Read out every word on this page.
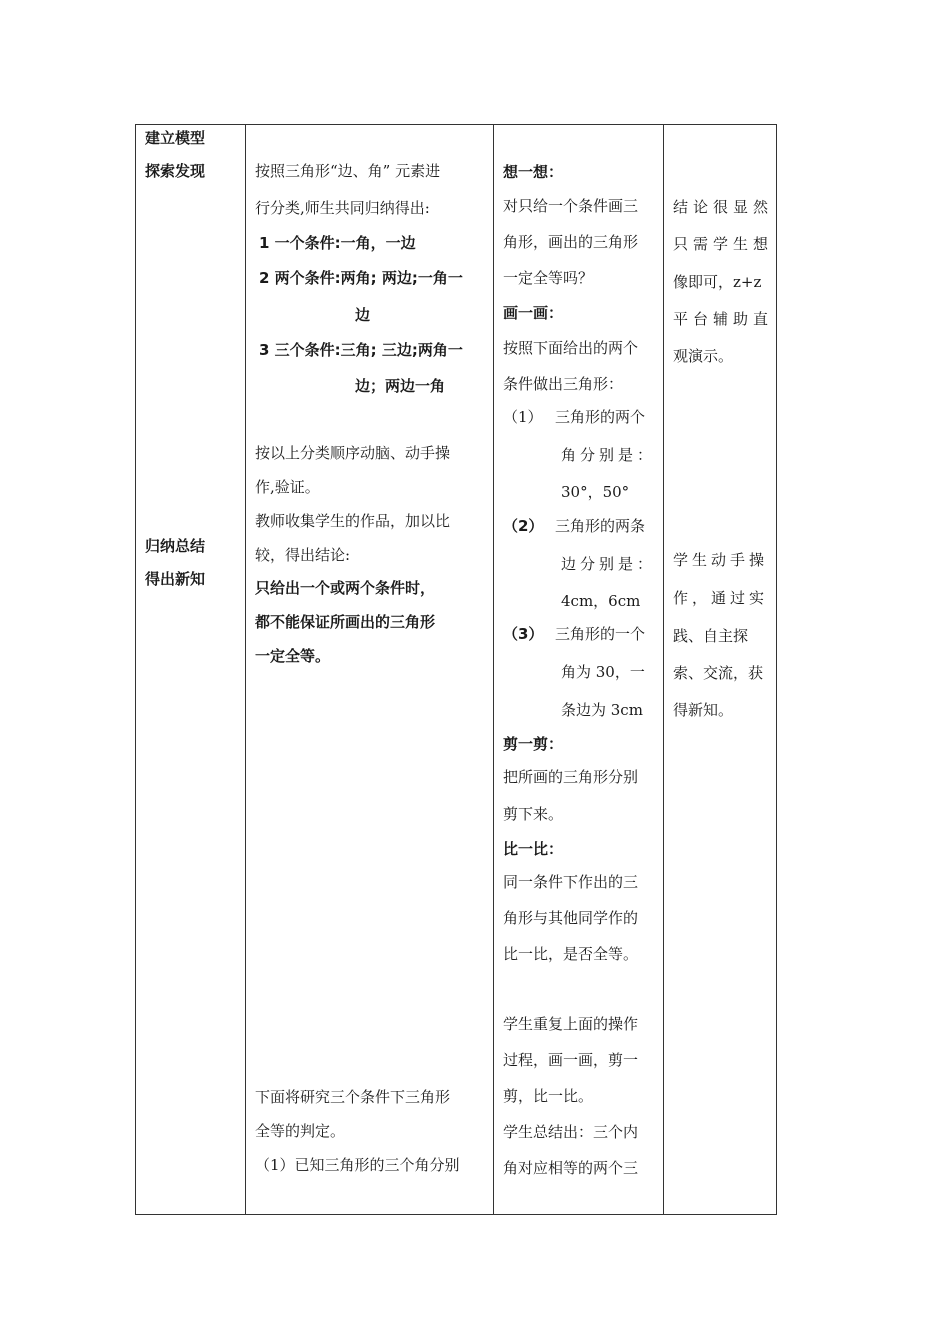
建立模型
探索发现
归纳总结
得出新知
按照三角形“边、角” 元素进
行分类,师生共同归纳得出:
1 一个条件:一角，一边
2 两个条件:两角; 两边;一角一
边
3 三个条件:三角; 三边;两角一
边；两边一角
按以上分类顺序动脑、动手操
作,验证。
教师收集学生的作品，加以比
较，得出结论:
只给出一个或两个条件时，
都不能保证所画出的三角形
一定全等。
下面将研究三个条件下三角形
全等的判定。
（1）已知三角形的三个角分别
想一想：
对只给一个条件画三
角形，画出的三角形
一定全等吗？
画一画：
按照下面给出的两个
条件做出三角形：
（1） 三角形的两个
角分别是：
30°，50°
（2） 三角形的两条
边分别是：
4cm，6cm
（3） 三角形的一个
角为 30，一
条边为 3cm
剪一剪：
把所画的三角形分别
剪下来。
比一比：
同一条件下作出的三
角形与其他同学作的
比一比，是否全等。
学生重复上面的操作
过程，画一画，剪一
剪，比一比。
学生总结出：三个内
角对应相等的两个三
结论很显然
只需学生想
像即可，z+z
平台辅助直
观演示。
学生动手操
作，通过实
践、自主探
索、交流，获
得新知。
